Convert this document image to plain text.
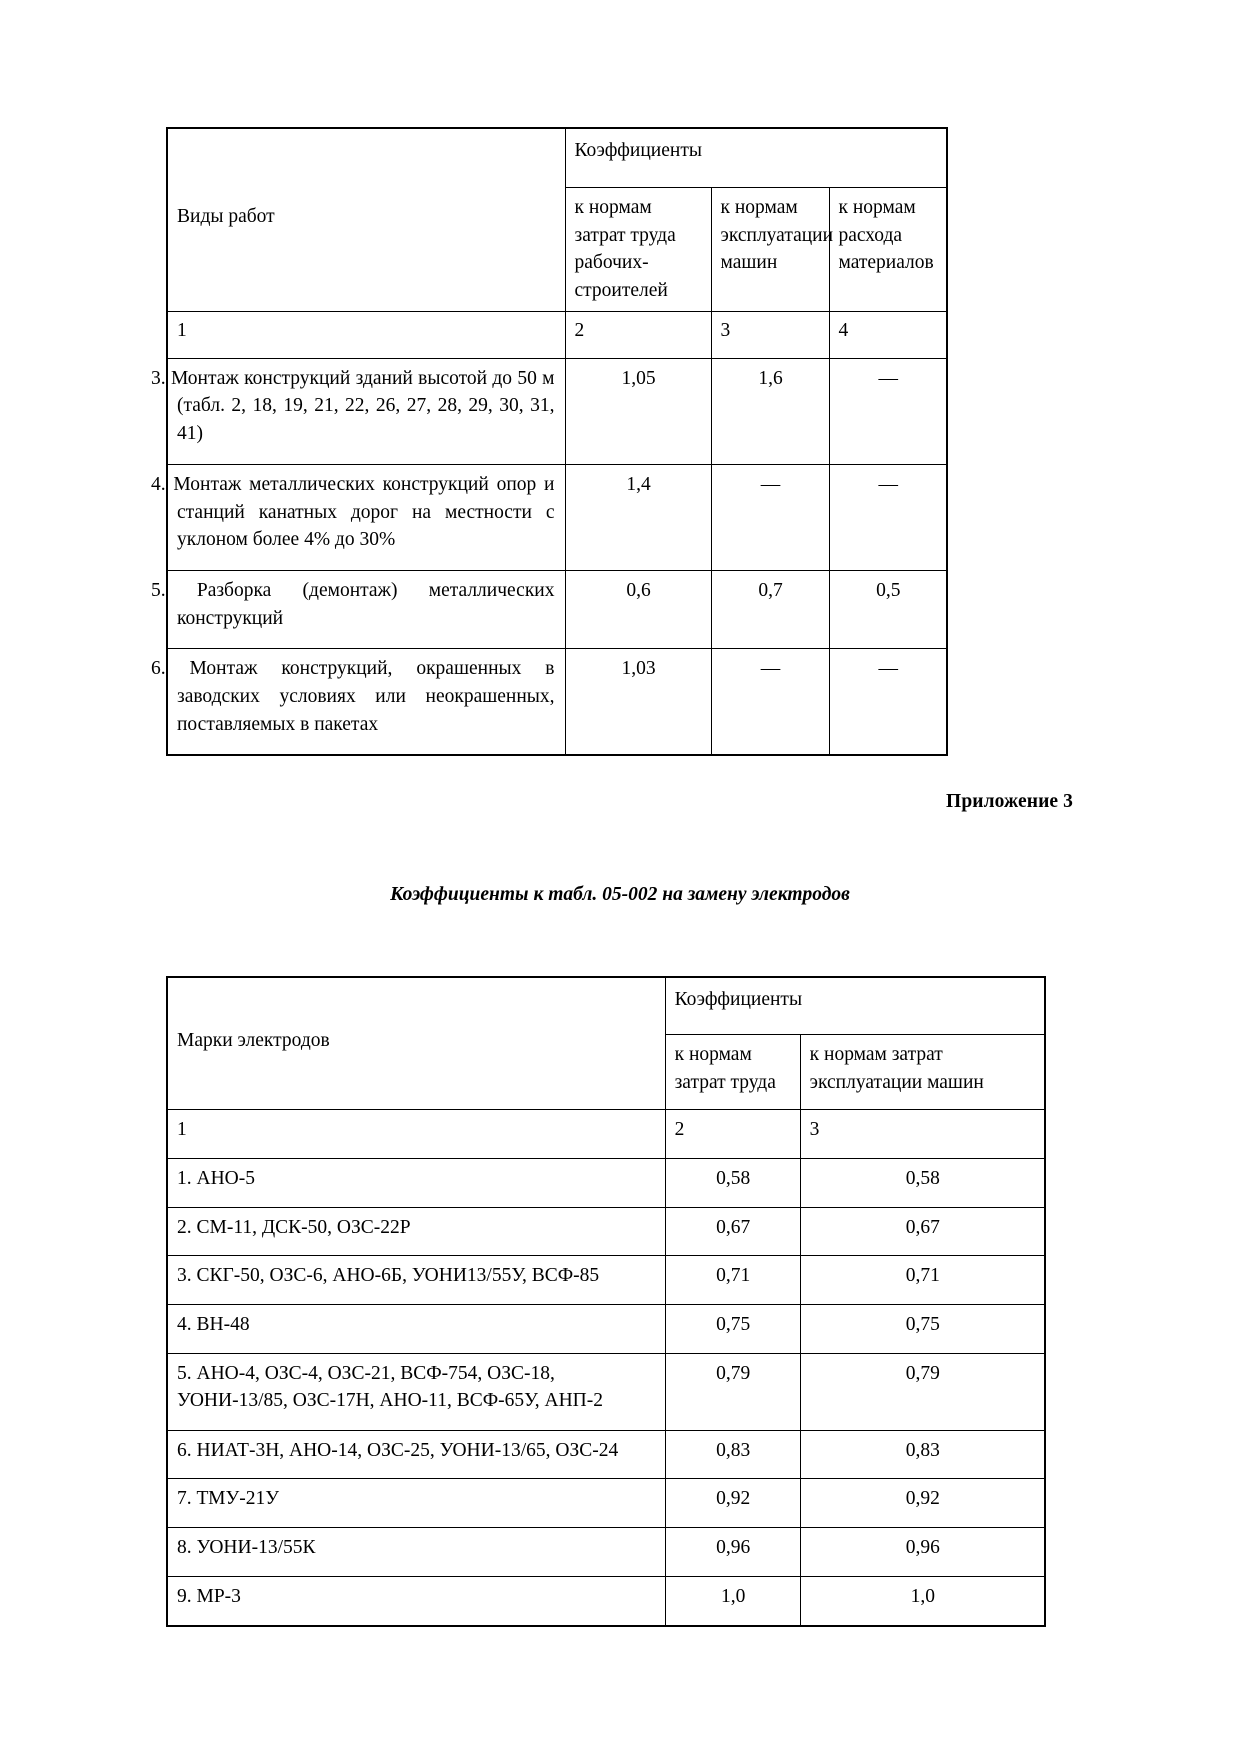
Виды работ	Коэффициенты		
	к нормам затрат труда рабочих-строителей	к нормам эксплуатации машин	к нормам расхода материалов
1	2	3	4
3. Монтаж конструкций зданий высотой до 50 м (табл. 2, 18, 19, 21, 22, 26, 27, 28, 29, 30, 31, 41)	1,05	1,6	—
4. Монтаж металлических конструкций опор и станций канатных дорог на местности с уклоном более 4% до 30%	1,4	—	—
5. Разборка (демонтаж) металлических конструкций	0,6	0,7	0,5
6. Монтаж конструкций, окрашенных в заводских условиях или неокрашенных, поставляемых в пакетах	1,03	—	—
Приложение 3
Коэффициенты к табл. 05-002 на замену электродов
Марки электродов	Коэффициенты	
	к нормам затрат труда	к нормам затрат эксплуатации машин
1	2	3
1. АНО-5	0,58	0,58
2. СМ-11, ДСК-50, ОЗС-22Р	0,67	0,67
3. СКГ-50, ОЗС-6, АНО-6Б, УОНИ13/55У, ВСФ-85	0,71	0,71
4. ВН-48	0,75	0,75
5. АНО-4, ОЗС-4, ОЗС-21, ВСФ-754, ОЗС-18, УОНИ-13/85, ОЗС-17Н, АНО-11, ВСФ-65У, АНП-2	0,79	0,79
6. НИАТ-3Н, АНО-14, ОЗС-25, УОНИ-13/65, ОЗС-24	0,83	0,83
7. ТМУ-21У	0,92	0,92
8. УОНИ-13/55К	0,96	0,96
9. МР-3	1,0	1,0
